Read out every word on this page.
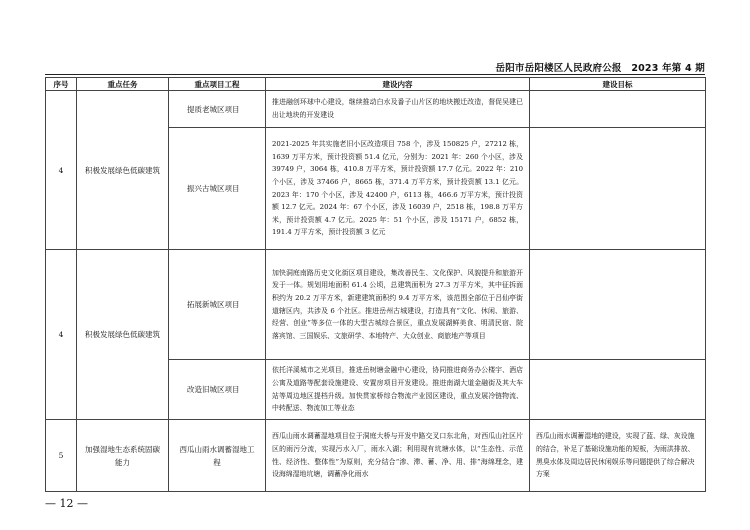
岳阳市岳阳楼区人民政府公报　2023 年第 4 期
序号	重点任务	重点项目工程	建设内容	建设目标
4	积极发展绿色低碳建筑	提质老城区项目	推进融创环球中心建设，继续推动白水及番子山片区的地块搬迁改造，督促吴建已出让地块的开发建设	
		振兴古城区项目	2021-2025 年共实施老旧小区改造项目 758 个，涉及 150825 户，27212 栋，1639 万平方米，预计投资额 51.4 亿元，分别为：2021 年：260 个小区，涉及 39749 户，3064 栋，410.8 万平方米，预计投资额 17.7 亿元。2022 年：210 个小区，涉及 37466 户，8665 栋，371.4 万平方米，预计投资额 13.1 亿元。2023 年：170 个小区，涉及 42400 户，6113 栋，466.6 万平方米，预计投资额 12.7 亿元。2024 年：67 个小区，涉及 16039 户，2518 栋，198.8 万平方米，预计投资额 4.7 亿元。2025 年：51 个小区，涉及 15171 户，6852 栋，191.4 万平方米，预计投资额 3 亿元	
4	积极发展绿色低碳建筑	拓展新城区项目	加快洞庭南路历史文化街区项目建设，集改善民生、文化保护、风貌提升和旅游开发于一体。规划用地面积 61.4 公顷，总建筑面积为 27.3 万平方米，其中征拆面积约为 20.2 万平方米，新建建筑面积约 9.4 万平方米，该范围全部位于吕仙亭街道辖区内，共涉及 6 个社区。推进岳州古城建设，打造具有“文化、休闲、旅游、经营、创业”等多位一体的大型古城综合景区，重点发展湖鲜美食、明清民宿、院落宾馆、三国娱乐、文旅研学、本地特产、大众创业、商旅地产等项目	
		改造旧城区项目	依托洋溪城市之光项目，推进岳树塘金融中心建设，协同推进商务办公楼宇、酒店公寓及道路等配套设施建设、安置房项目开发建设。推进南湖大道金融街及其大车站等周边地区提档升级。加快贯家桥综合物流产业园区建设，重点发展冷链物流、中转配送、物流加工等业态	
5	加强湿地生态系统固碳能力	西瓜山雨水调蓄湿地工程	西瓜山雨水调蓄湿地项目位于洞庭大桥与开发中路交叉口东北角，对西瓜山社区片区的雨污分流，实现污水入厂，雨水入湖；利用现有坑塘水体，以“生态性、示范性、经济性、整体性”为原则，充分结合“渗、滞、蓄、净、用、排”海绵理念，建设海绵湿地坑塘，调蓄净化雨水	西瓜山雨水调蓄湿地的建设，实现了蓝、绿、灰设施的结合，补足了基础设施功能的短板，为雨洪排放、黑臭水体及周边居民休闲娱乐等问题提供了综合解决方案
— 12 —
